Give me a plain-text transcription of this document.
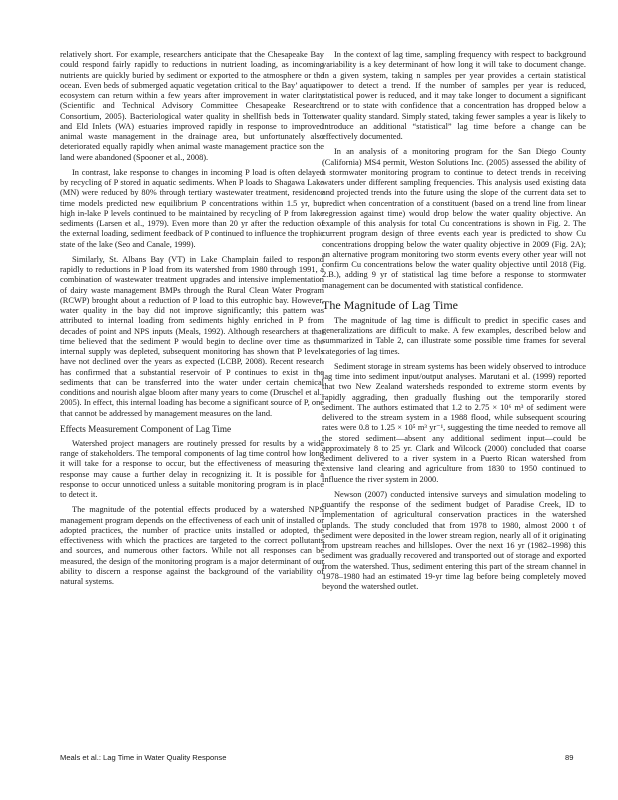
relatively short. For example, researchers anticipate that the Chesapeake Bay could respond fairly rapidly to reductions in nutrient loading, as incoming nutrients are quickly buried by sediment or exported to the atmosphere or the ocean. Even beds of submerged aquatic vegetation critical to the Bay’ aquatic ecosystem can return within a few years after improvement in water clarity (Scientific and Technical Advisory Committee Chesapeake Research Consortium, 2005). Bacteriological water quality in shellfish beds in Totten and Eld Inlets (WA) estuaries improved rapidly in response to improved animal waste management in the drainage area, but unfortunately also deteriorated equally rapidly when animal waste management practice son the land were abandoned (Spooner et al., 2008).

In contrast, lake response to changes in incoming P load is often delayed by recycling of P stored in aquatic sediments. When P loads to Shagawa Lake (MN) were reduced by 80% through tertiary wastewater treatment, residence time models predicted new equilibrium P concentrations within 1.5 yr, but high in-lake P levels continued to be maintained by recycling of P from lake sediments (Larsen et al., 1979). Even more than 20 yr after the reduction of the external loading, sediment feedback of P continued to influence the trophic state of the lake (Seo and Canale, 1999).

Similarly, St. Albans Bay (VT) in Lake Champlain failed to respond rapidly to reductions in P load from its watershed from 1980 through 1991, a combination of wastewater treatment upgrades and intensive implementation of dairy waste management BMPs through the Rural Clean Water Program (RCWP) brought about a reduction of P load to this eutrophic bay. However, water quality in the bay did not improve significantly; this pattern was attributed to internal loading from sediments highly enriched in P from decades of point and NPS inputs (Meals, 1992). Although researchers at that time believed that the sediment P would begin to decline over time as the internal supply was depleted, subsequent monitoring has shown that P levels have not declined over the years as expected (LCBP, 2008). Recent research has confirmed that a substantial reservoir of P continues to exist in the sediments that can be transferred into the water under certain chemical conditions and nourish algae bloom after many years to come (Druschel et al., 2005). In effect, this internal loading has become a significant source of P, one that cannot be addressed by management measures on the land.

Effects Measurement Component of Lag Time

Watershed project managers are routinely pressed for results by a wide range of stakeholders. The temporal components of lag time control how long it will take for a response to occur, but the effectiveness of measuring the response may cause a further delay in recognizing it. It is possible for a response to occur unnoticed unless a suitable monitoring program is in place to detect it.

The magnitude of the potential effects produced by a watershed NPS management program depends on the effectiveness of each unit of installed or adopted practices, the number of practice units installed or adopted, the effectiveness with which the practices are targeted to the correct pollutants and sources, and numerous other factors. While not all responses can be measured, the design of the monitoring program is a major determinant of our ability to discern a response against the background of the variability of natural systems.

In the context of lag time, sampling frequency with respect to background variability is a key determinant of how long it will take to document change. In a given system, taking n samples per year provides a certain statistical power to detect a trend. If the number of samples per year is reduced, statistical power is reduced, and it may take longer to document a significant trend or to state with confidence that a concentration has dropped below a water quality standard. Simply stated, taking fewer samples a year is likely to introduce an additional “statistical” lag time before a change can be effectively documented.

In an analysis of a monitoring program for the San Diego County (California) MS4 permit, Weston Solutions Inc. (2005) assessed the ability of a stormwater monitoring program to continue to detect trends in receiving waters under different sampling frequencies. This analysis used existing data and projected trends into the future using the slope of the current data set to predict when concentration of a constituent (based on a trend line from linear regression against time) would drop below the water quality objective. An example of this analysis for total Cu concentrations is shown in Fig. 2. The current program design of three events each year is predicted to show Cu concentrations dropping below the water quality objective in 2009 (Fig. 2A); an alternative program monitoring two storm events every other year will not confirm Cu concentrations below the water quality objective until 2018 (Fig. 2.B.), adding 9 yr of statistical lag time before a response to stormwater management can be documented with statistical confidence.

The Magnitude of Lag Time

The magnitude of lag time is difficult to predict in specific cases and generalizations are difficult to make. A few examples, described below and summarized in Table 2, can illustrate some possible time frames for several categories of lag times.

Sediment storage in stream systems has been widely observed to introduce lag time into sediment input/output analyses. Marutani et al. (1999) reported that two New Zealand watersheds responded to extreme storm events by rapidly aggrading, then gradually flushing out the temporarily stored sediment. The authors estimated that 1.2 to 2.75 × 10⁶ m³ of sediment were delivered to the stream system in a 1988 flood, while subsequent scouring rates were 0.8 to 1.25 × 10⁵ m³ yr⁻¹, suggesting the time needed to remove all the stored sediment—absent any additional sediment input—could be approximately 8 to 25 yr. Clark and Wilcock (2000) concluded that coarse sediment delivered to a river system in a Puerto Rican watershed from extensive land clearing and agriculture from 1830 to 1950 continued to influence the river system in 2000.

Newson (2007) conducted intensive surveys and simulation modeling to quantify the response of the sediment budget of Paradise Creek, ID to implementation of agricultural conservation practices in the watershed uplands. The study concluded that from 1978 to 1980, almost 2000 t of sediment were deposited in the lower stream region, nearly all of it originating from upstream reaches and hillslopes. Over the next 16 yr (1982–1998) this sediment was gradually recovered and transported out of storage and exported from the watershed. Thus, sediment entering this part of the stream channel in 1978–1980 had an estimated 19-yr time lag before being completely moved beyond the watershed outlet.

Meals et al.: Lag Time in Water Quality Response	89
